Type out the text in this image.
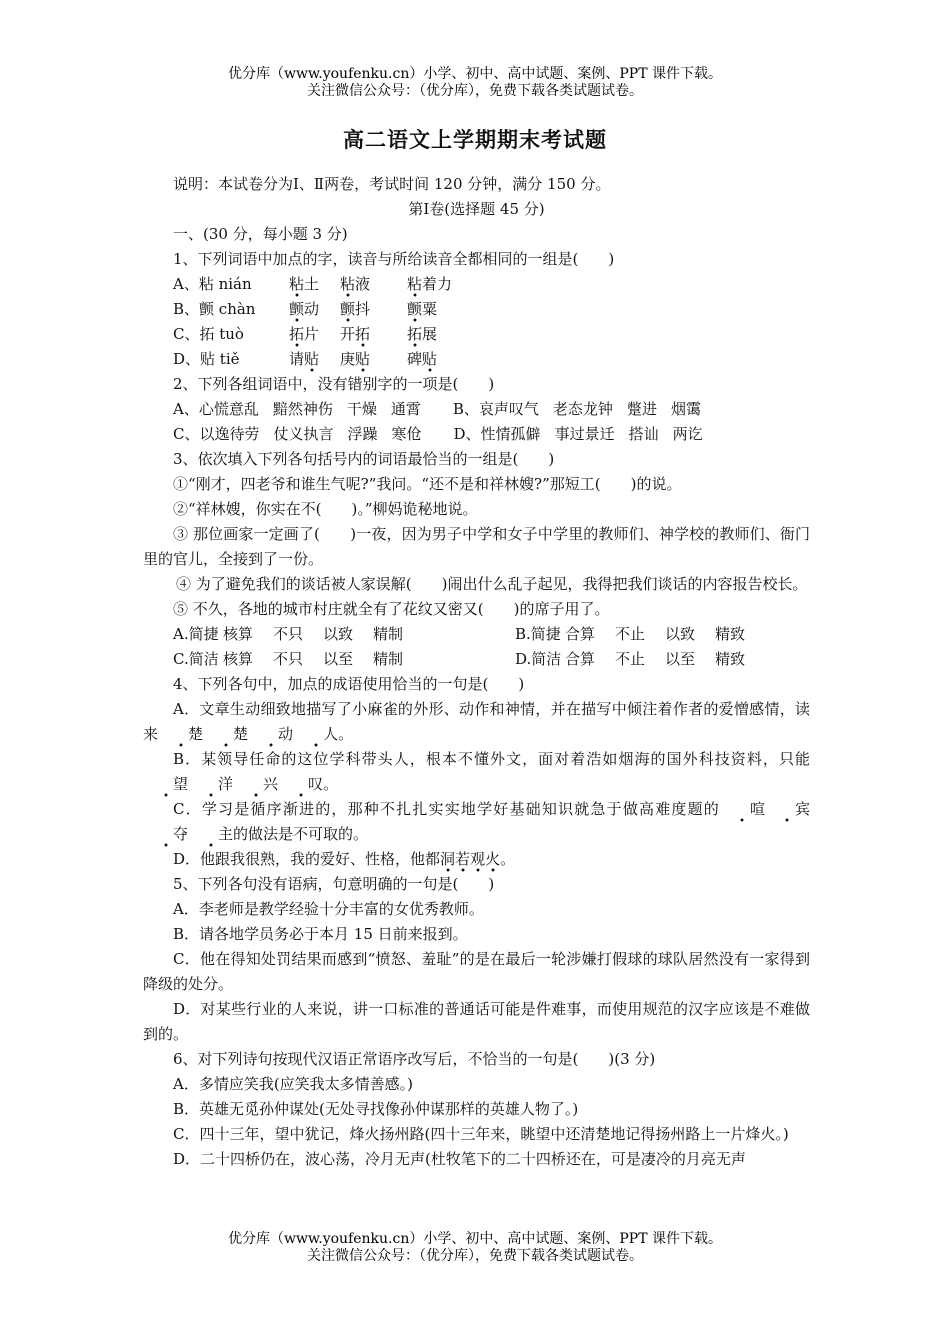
优分库（www.youfenku.cn）小学、初中、高中试题、案例、PPT 课件下载。
关注微信公众号：（优分库），免费下载各类试题试卷。
高二语文上学期期末考试题

说明：本试卷分为Ⅰ、Ⅱ两卷，考试时间 120 分钟，满分 150 分。

第Ⅰ卷(选择题 45 分)

一、(30 分，每小题 3 分)

1、下列词语中加点的字，读音与所给读音全都相同的一组是(　　)

A、粘 nián 粘土 粘液 粘着力

B、颤 chàn 颤动 颤抖 颤粟

C、拓 tuò	拓片 开拓 拓展

D、贴 tiě	请贴 庚贴 碑贴

2、下列各组词语中，没有错别字的一项是(　　)

A、心慌意乱 黯然神伤 干燥 通霄 B、哀声叹气 老态龙钟 蹩进 烟霭

C、以逸待劳 仗义执言 浮躁 寒伧 D、性情孤僻 事过景迁 搭讪 两讫

3、依次填入下列各句括号内的词语最恰当的一组是(　　)

①“刚才，四老爷和谁生气呢?”我问。“还不是和祥林嫂?”那短工(　　)的说。

②“祥林嫂，你实在不(　　)。”柳妈诡秘地说。

③ 那位画家一定画了(　　)一夜，因为男子中学和女子中学里的教师们、神学校的教师们、衙门里的官儿，全接到了一份。

④ 为了避免我们的谈话被人家误解(　　)闹出什么乱子起见，我得把我们谈话的内容报告校长。

⑤ 不久，各地的城市村庄就全有了花纹又密又(　　)的席子用了。

A.简捷 核算 不只 以致 精制	B.简捷 合算 不止 以致 精致

C.简洁 核算 不只 以至 精制	D.简洁 合算 不止 以至 精致

4、下列各句中，加点的成语使用恰当的一句是(　　)

A．文章生动细致地描写了小麻雀的外形、动作和神情，并在描写中倾注着作者的爱憎感情，读来 楚 楚 动 人。

B．某领导任命的这位学科带头人，根本不懂外文，面对着浩如烟海的国外科技资料，只能望 洋 兴 叹。

C．学习是循序渐进的，那种不扎扎实实地学好基础知识就急于做高难度题的 喧 宾夺 主的做法是不可取的。

D．他跟我很熟，我的爱好、性格，他都洞若观火。

5、下列各句没有语病，句意明确的一句是(　　)

A．李老师是教学经验十分丰富的女优秀教师。

B．请各地学员务必于本月 15 日前来报到。

C．他在得知处罚结果而感到“愤怒、羞耻”的是在最后一轮涉嫌打假球的球队居然没有一家得到降级的处分。

D．对某些行业的人来说，讲一口标准的普通话可能是件难事，而使用规范的汉字应该是不难做到的。

6、对下列诗句按现代汉语正常语序改写后，不恰当的一句是(　　)(3 分)

A．多情应笑我(应笑我太多情善感。)

B．英雄无觅孙仲谋处(无处寻找像孙仲谋那样的英雄人物了。)

C．四十三年，望中犹记，烽火扬州路(四十三年来，眺望中还清楚地记得扬州路上一片烽火。)

D．二十四桥仍在，波心荡，冷月无声(杜牧笔下的二十四桥还在，可是凄冷的月亮无声

优分库（www.youfenku.cn）小学、初中、高中试题、案例、PPT 课件下载。
关注微信公众号：（优分库），免费下载各类试题试卷。
